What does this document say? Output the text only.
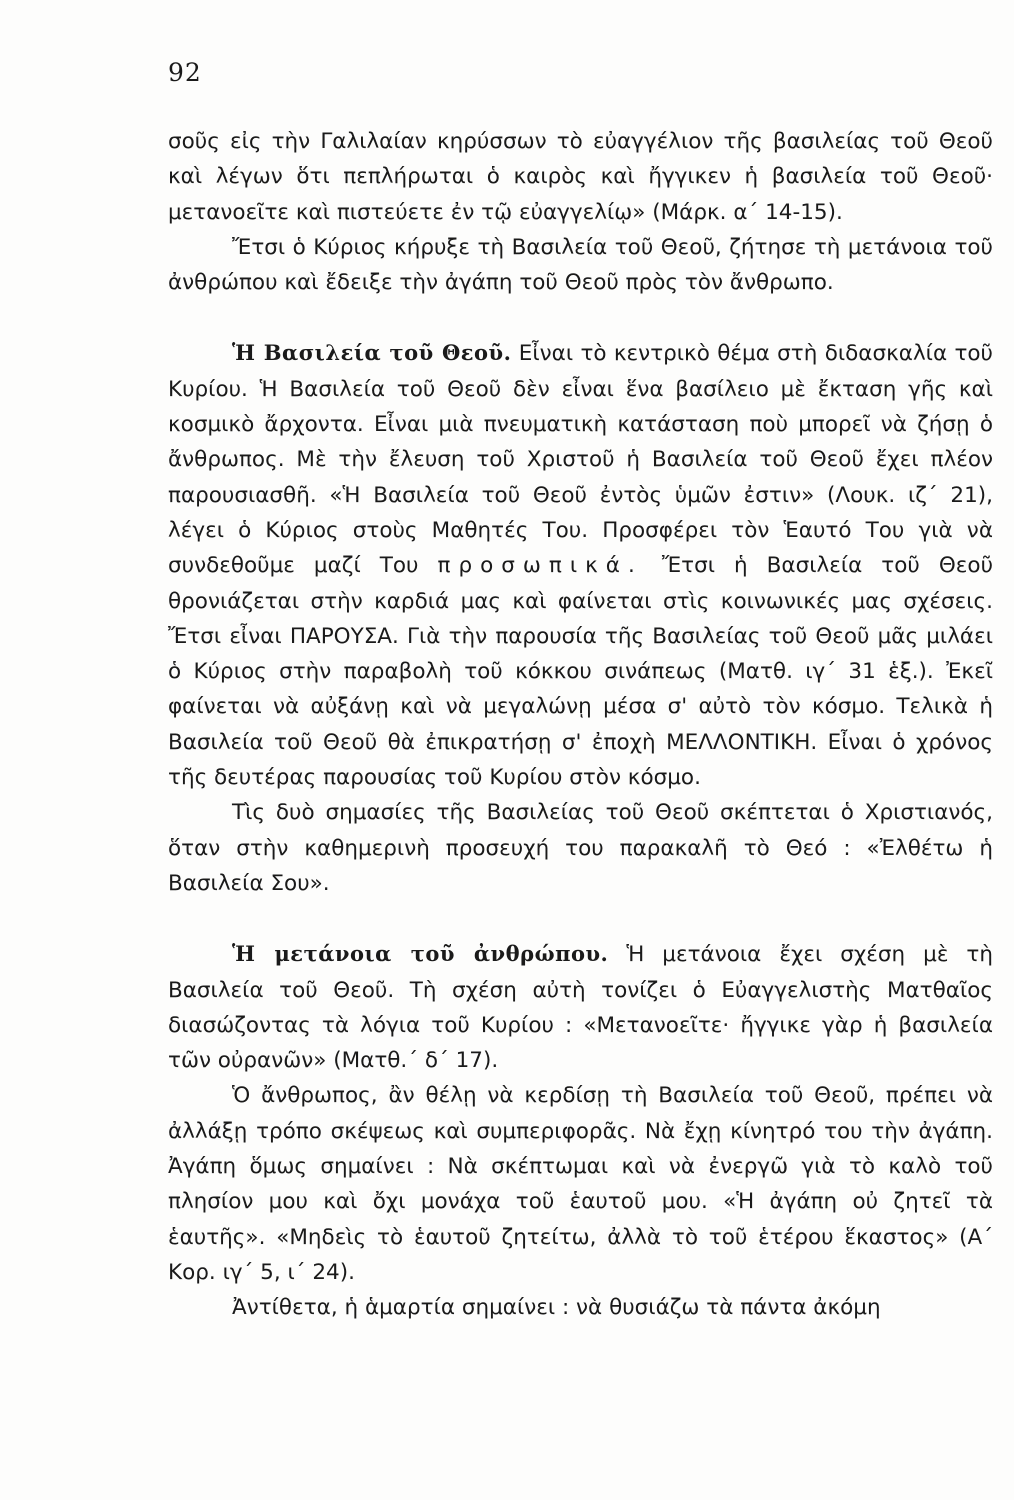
92

σοῦς εἰς τὴν Γαλιλαίαν κηρύσσων τὸ εὐαγγέλιον τῆς βασιλείας τοῦ Θεοῦ καὶ λέγων ὅτι πεπλήρωται ὁ καιρὸς καὶ ἤγγικεν ἡ βασιλεία τοῦ Θεοῦ· μετανοεῖτε καὶ πιστεύετε ἐν τῷ εὐαγγελίῳ» (Μάρκ. α΄ 14-15).

Ἔτσι ὁ Κύριος κήρυξε τὴ Βασιλεία τοῦ Θεοῦ, ζήτησε τὴ μετάνοια τοῦ ἀνθρώπου καὶ ἔδειξε τὴν ἀγάπη τοῦ Θεοῦ πρὸς τὸν ἄνθρωπο.

Ἡ Βασιλεία τοῦ Θεοῦ. Εἶναι τὸ κεντρικὸ θέμα στὴ διδασκαλία τοῦ Κυρίου. Ἡ Βασιλεία τοῦ Θεοῦ δὲν εἶναι ἕνα βασίλειο μὲ ἔκταση γῆς καὶ κοσμικὸ ἄρχοντα. Εἶναι μιὰ πνευματικὴ κατάσταση ποὺ μπορεῖ νὰ ζήσῃ ὁ ἄνθρωπος. Μὲ τὴν ἔλευση τοῦ Χριστοῦ ἡ Βασιλεία τοῦ Θεοῦ ἔχει πλέον παρουσιασθῆ. «Ἡ Βασιλεία τοῦ Θεοῦ ἐντὸς ὑμῶν ἐστιν» (Λουκ. ιζ΄ 21), λέγει ὁ Κύριος στοὺς Μαθητές Του. Προσφέρει τὸν Ἑαυτό Του γιὰ νὰ συνδεθοῦμε μαζί Του προσωπικά. Ἔτσι ἡ Βασιλεία τοῦ Θεοῦ θρονιάζεται στὴν καρδιά μας καὶ φαίνεται στὶς κοινωνικές μας σχέσεις. Ἔτσι εἶναι ΠΑΡΟΥΣΑ. Γιὰ τὴν παρουσία τῆς Βασιλείας τοῦ Θεοῦ μᾶς μιλάει ὁ Κύριος στὴν παραβολὴ τοῦ κόκκου σινάπεως (Ματθ. ιγ΄ 31 ἑξ.). Ἐκεῖ φαίνεται νὰ αὐξάνῃ καὶ νὰ μεγαλώνῃ μέσα σ' αὐτὸ τὸν κόσμο. Τελικὰ ἡ Βασιλεία τοῦ Θεοῦ θὰ ἐπικρατήσῃ σ' ἐποχὴ ΜΕΛΛΟΝΤΙΚΗ. Εἶναι ὁ χρόνος τῆς δευτέρας παρουσίας τοῦ Κυρίου στὸν κόσμο.

Τὶς δυὸ σημασίες τῆς Βασιλείας τοῦ Θεοῦ σκέπτεται ὁ Χριστιανός, ὅταν στὴν καθημερινὴ προσευχή του παρακαλῆ τὸ Θεό : «Ἐλθέτω ἡ Βασιλεία Σου».

Ἡ μετάνοια τοῦ ἀνθρώπου. Ἡ μετάνοια ἔχει σχέση μὲ τὴ Βασιλεία τοῦ Θεοῦ. Τὴ σχέση αὐτὴ τονίζει ὁ Εὐαγγελιστὴς Ματθαῖος διασώζοντας τὰ λόγια τοῦ Κυρίου : «Μετανοεῖτε· ἤγγικε γὰρ ἡ βασιλεία τῶν οὐρανῶν» (Ματθ.΄ δ΄ 17).

Ὁ ἄνθρωπος, ἂν θέλῃ νὰ κερδίσῃ τὴ Βασιλεία τοῦ Θεοῦ, πρέπει νὰ ἀλλάξῃ τρόπο σκέψεως καὶ συμπεριφορᾶς. Νὰ ἔχῃ κίνητρό του τὴν ἀγάπη. Ἀγάπη ὅμως σημαίνει : Νὰ σκέπτωμαι καὶ νὰ ἐνεργῶ γιὰ τὸ καλὸ τοῦ πλησίον μου καὶ ὄχι μονάχα τοῦ ἑαυτοῦ μου. «Ἡ ἀγάπη οὐ ζητεῖ τὰ ἑαυτῆς». «Μηδεὶς τὸ ἑαυτοῦ ζητείτω, ἀλλὰ τὸ τοῦ ἑτέρου ἕκαστος» (Α΄ Κορ. ιγ΄ 5, ι΄ 24).

Ἀντίθετα, ἡ ἁμαρτία σημαίνει : νὰ θυσιάζω τὰ πάντα ἀκόμη
